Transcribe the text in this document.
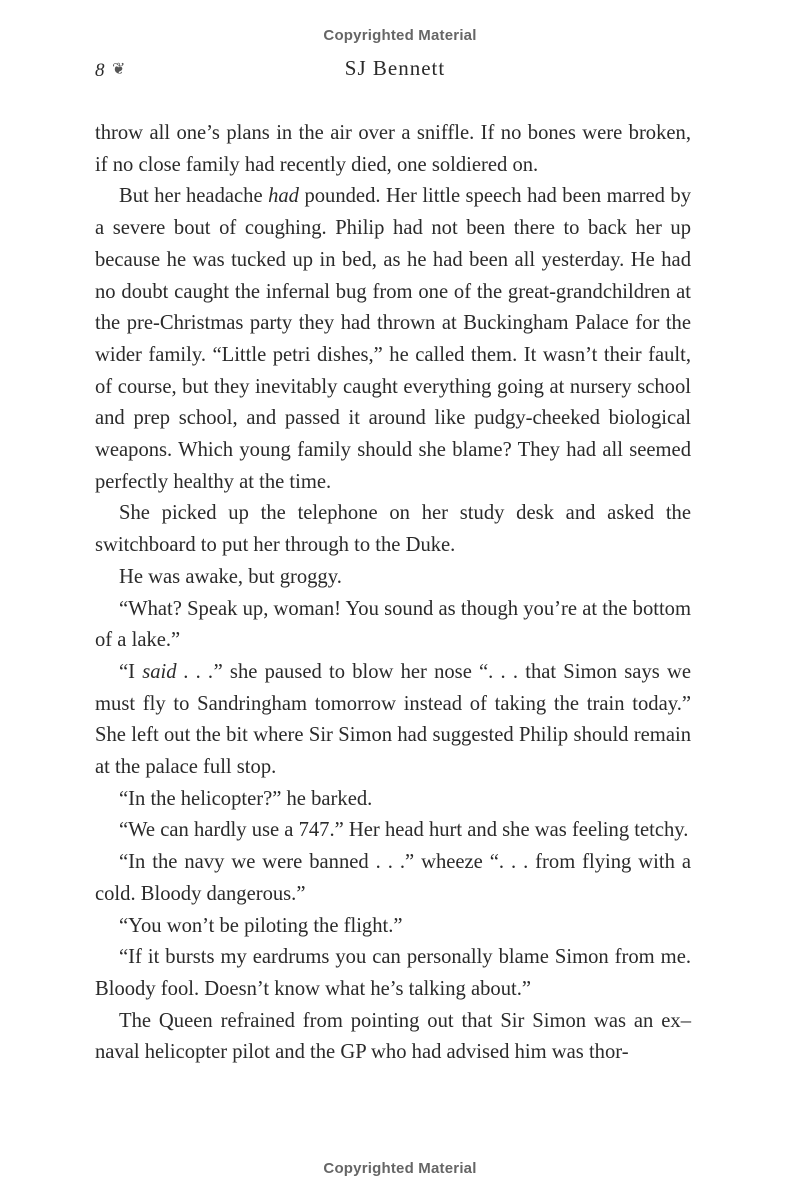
Copyrighted Material
8 ❦	SJ Bennett

throw all one’s plans in the air over a sniffle. If no bones were broken, if no close family had recently died, one soldiered on.

But her headache had pounded. Her little speech had been marred by a severe bout of coughing. Philip had not been there to back her up because he was tucked up in bed, as he had been all yesterday. He had no doubt caught the infernal bug from one of the great-grandchildren at the pre-Christmas party they had thrown at Buckingham Palace for the wider family. “Little petri dishes,” he called them. It wasn’t their fault, of course, but they inevitably caught everything going at nursery school and prep school, and passed it around like pudgy-cheeked biological weapons. Which young family should she blame? They had all seemed perfectly healthy at the time.

She picked up the telephone on her study desk and asked the switchboard to put her through to the Duke.

He was awake, but groggy.

“What? Speak up, woman! You sound as though you’re at the bottom of a lake.”

“I said . . .” she paused to blow her nose “. . . that Simon says we must fly to Sandringham tomorrow instead of taking the train today.” She left out the bit where Sir Simon had suggested Philip should remain at the palace full stop.

“In the helicopter?” he barked.

“We can hardly use a 747.” Her head hurt and she was feeling tetchy.

“In the navy we were banned . . .” wheeze “. . . from flying with a cold. Bloody dangerous.”

“You won’t be piloting the flight.”

“If it bursts my eardrums you can personally blame Simon from me. Bloody fool. Doesn’t know what he’s talking about.”

The Queen refrained from pointing out that Sir Simon was an ex–naval helicopter pilot and the GP who had advised him was thor-

Copyrighted Material
